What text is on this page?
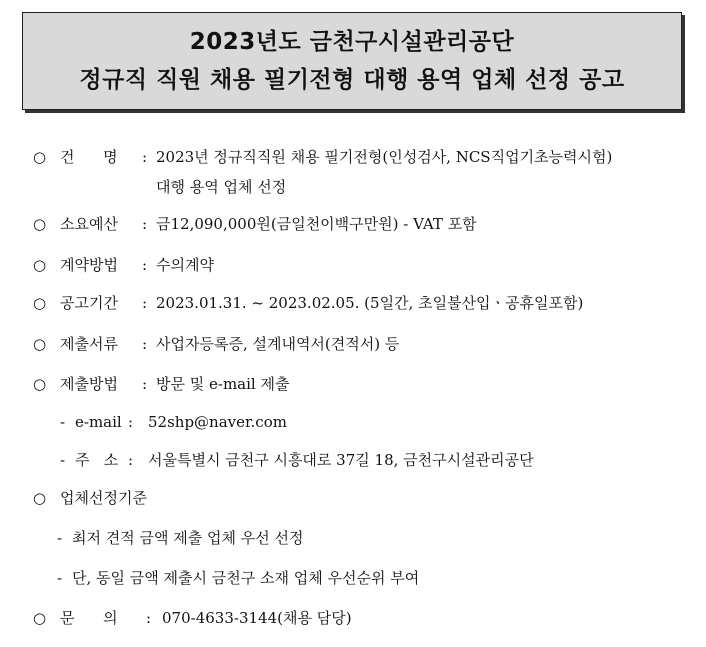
2023년도 금천구시설관리공단
정규직 직원 채용 필기전형 대행 용역 업체 선정 공고
○ 건      명 : 2023년 정규직직원 채용 필기전형(인성검사, NCS직업기초능력시험)
대행 용역 업체 선정
○ 소요예산 : 금12,090,000원(금일천이백구만원) - VAT 포함
○ 계약방법 : 수의계약
○ 공고기간 : 2023.01.31. ~ 2023.02.05. (5일간, 초일불산입ㆍ공휴일포함)
○ 제출서류 : 사업자등록증, 설계내역서(견적서) 등
○ 제출방법 : 방문 및 e-mail 제출
- e-mail : 52shp@naver.com
- 주   소 : 서울특별시 금천구 시흥대로 37길 18, 금천구시설관리공단
○ 업체선정기준
- 최저 견적 금액 제출 업체 우선 선정
- 단, 동일 금액 제출시 금천구 소재 업체 우선순위 부여
○ 문      의 : 070-4633-3144(채용 담당)
